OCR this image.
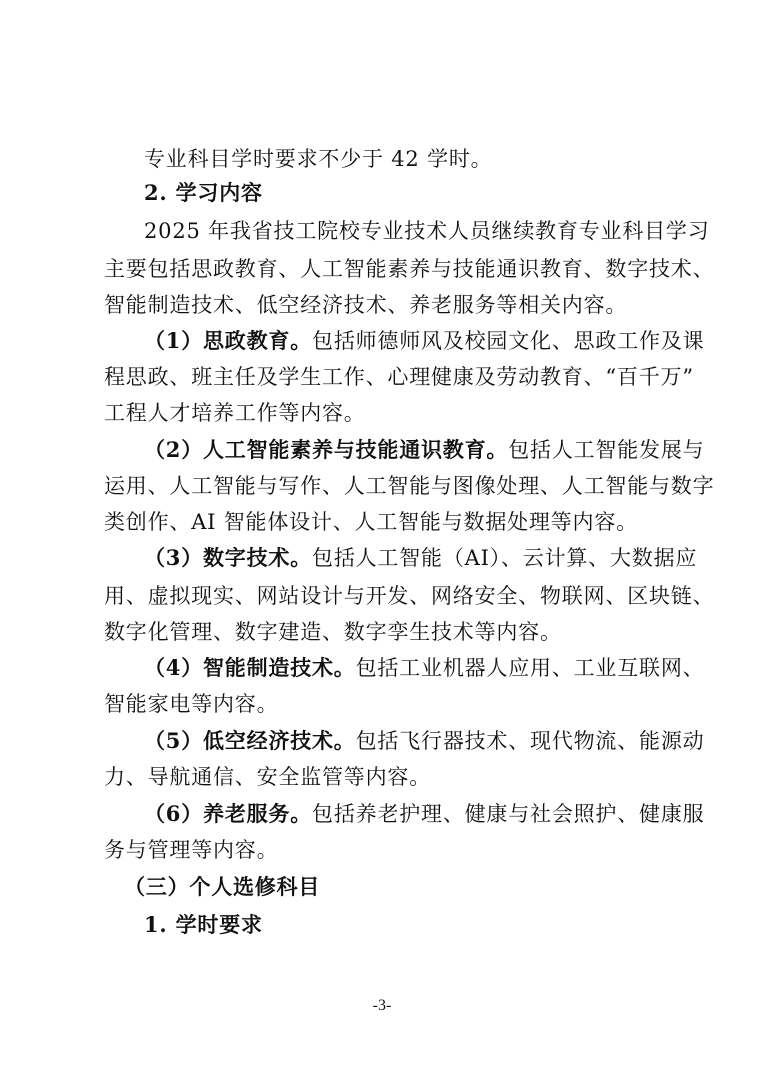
专业科目学时要求不少于 42 学时。
2. 学习内容
2025 年我省技工院校专业技术人员继续教育专业科目学习
主要包括思政教育、人工智能素养与技能通识教育、数字技术、
智能制造技术、低空经济技术、养老服务等相关内容。
（1）思政教育。包括师德师风及校园文化、思政工作及课
程思政、班主任及学生工作、心理健康及劳动教育、“百千万”
工程人才培养工作等内容。
（2）人工智能素养与技能通识教育。包括人工智能发展与
运用、人工智能与写作、人工智能与图像处理、人工智能与数字
类创作、AI 智能体设计、人工智能与数据处理等内容。
（3）数字技术。包括人工智能（AI）、云计算、大数据应
用、虚拟现实、网站设计与开发、网络安全、物联网、区块链、
数字化管理、数字建造、数字孪生技术等内容。
（4）智能制造技术。包括工业机器人应用、工业互联网、
智能家电等内容。
（5）低空经济技术。包括飞行器技术、现代物流、能源动
力、导航通信、安全监管等内容。
（6）养老服务。包括养老护理、健康与社会照护、健康服
务与管理等内容。
（三）个人选修科目
1. 学时要求
-3-
